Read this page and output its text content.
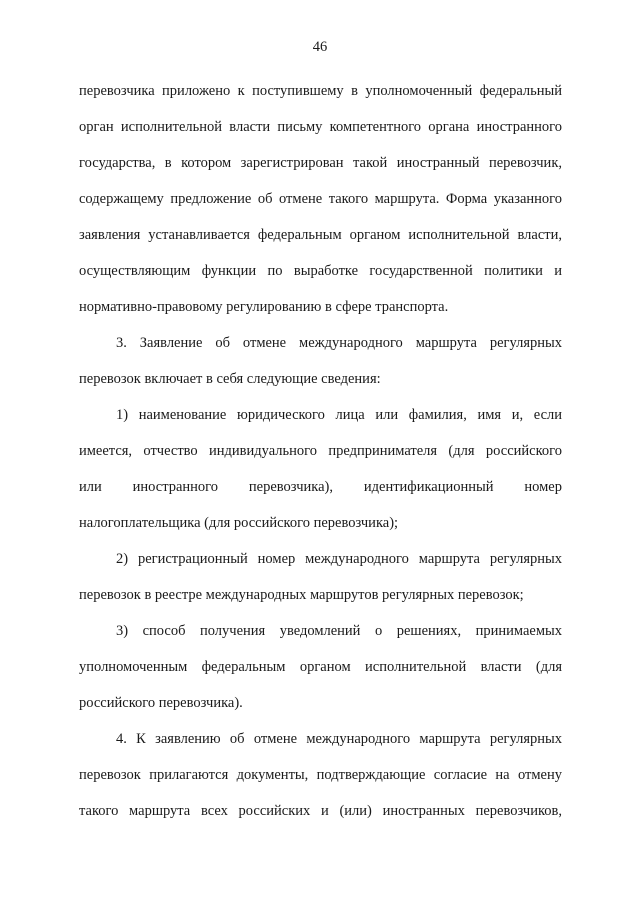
46
перевозчика приложено к поступившему в уполномоченный федеральный
орган исполнительной власти письму компетентного органа иностранного
государства, в котором зарегистрирован такой иностранный перевозчик,
содержащему предложение об отмене такого маршрута. Форма указанного
заявления устанавливается федеральным органом исполнительной власти,
осуществляющим функции по выработке государственной политики и
нормативно-правовому регулированию в сфере транспорта.
3. Заявление об отмене международного маршрута регулярных
перевозок включает в себя следующие сведения:
1) наименование юридического лица или фамилия, имя и, если
имеется, отчество индивидуального предпринимателя (для российского
или иностранного перевозчика), идентификационный номер
налогоплательщика (для российского перевозчика);
2) регистрационный номер международного маршрута регулярных
перевозок в реестре международных маршрутов регулярных перевозок;
3) способ получения уведомлений о решениях, принимаемых
уполномоченным федеральным органом исполнительной власти (для
российского перевозчика).
4. К заявлению об отмене международного маршрута регулярных
перевозок прилагаются документы, подтверждающие согласие на отмену
такого маршрута всех российских и (или) иностранных перевозчиков,
